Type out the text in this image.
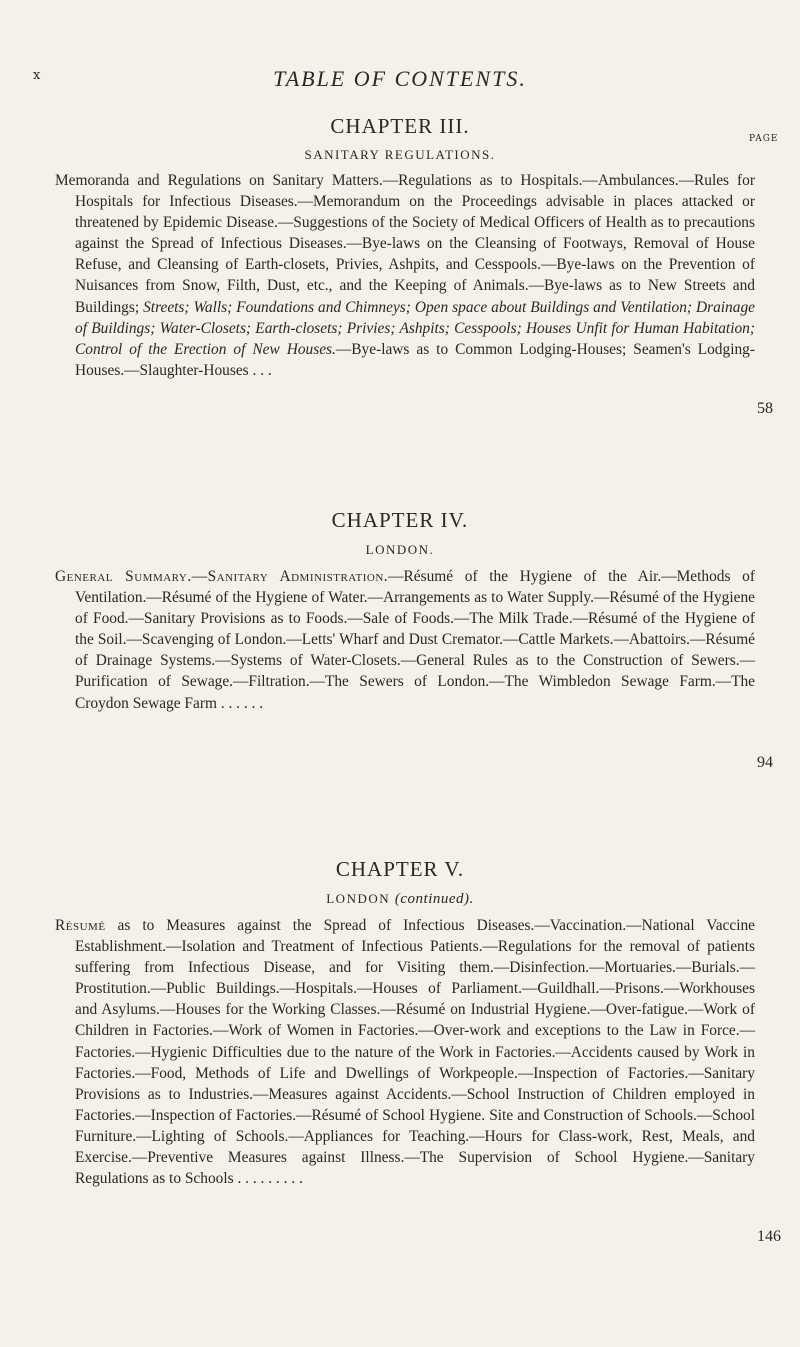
x	TABLE OF CONTENTS.
CHAPTER III.
SANITARY REGULATIONS.
PAGE
Memoranda and Regulations on Sanitary Matters.—Regulations as to Hospitals.—Ambulances.—Rules for Hospitals for Infectious Diseases.—Memorandum on the Proceedings advisable in places attacked or threatened by Epidemic Disease.—Suggestions of the Society of Medical Officers of Health as to precautions against the Spread of Infectious Diseases.—Bye-laws on the Cleansing of Footways, Removal of House Refuse, and Cleansing of Earth-closets, Privies, Ashpits, and Cesspools.—Bye-laws on the Prevention of Nuisances from Snow, Filth, Dust, etc., and the Keeping of Animals.—Bye-laws as to New Streets and Buildings; Streets; Walls; Foundations and Chimneys; Open space about Buildings and Ventilation; Drainage of Buildings; Water-Closets; Earth-closets; Privies; Ashpits; Cesspools; Houses Unfit for Human Habitation; Control of the Erection of New Houses.—Bye-laws as to Common Lodging-Houses; Seamen's Lodging-Houses.—Slaughter-Houses . . .
58
CHAPTER IV.
LONDON.
General Summary.—Sanitary Administration.—Résumé of the Hygiene of the Air.—Methods of Ventilation.—Résumé of the Hygiene of Water.—Arrangements as to Water Supply.—Résumé of the Hygiene of Food.—Sanitary Provisions as to Foods.—Sale of Foods.—The Milk Trade.—Résumé of the Hygiene of the Soil.—Scavenging of London.—Letts' Wharf and Dust Cremator.—Cattle Markets.—Abattoirs.—Résumé of Drainage Systems.—Systems of Water-Closets.—General Rules as to the Construction of Sewers.—Purification of Sewage.—Filtration.—The Sewers of London.—The Wimbledon Sewage Farm.—The Croydon Sewage Farm . . . . . .
94
CHAPTER V.
LONDON (continued).
Résumé as to Measures against the Spread of Infectious Diseases.—Vaccination.—National Vaccine Establishment.—Isolation and Treatment of Infectious Patients.—Regulations for the removal of patients suffering from Infectious Disease, and for Visiting them.—Disinfection.—Mortuaries.—Burials.—Prostitution.—Public Buildings.—Hospitals.—Houses of Parliament.—Guildhall.—Prisons.—Workhouses and Asylums.—Houses for the Working Classes.—Résumé on Industrial Hygiene.—Over-fatigue.—Work of Children in Factories.—Work of Women in Factories.—Over-work and exceptions to the Law in Force.—Factories.—Hygienic Difficulties due to the nature of the Work in Factories.—Accidents caused by Work in Factories.—Food, Methods of Life and Dwellings of Workpeople.—Inspection of Factories.—Sanitary Provisions as to Industries.—Measures against Accidents.—School Instruction of Children employed in Factories.—Inspection of Factories.—Résumé of School Hygiene. Site and Construction of Schools.—School Furniture.—Lighting of Schools.—Appliances for Teaching.—Hours for Class-work, Rest, Meals, and Exercise.—Preventive Measures against Illness.—The Supervision of School Hygiene.—Sanitary Regulations as to Schools . . . . . . . . .
146
